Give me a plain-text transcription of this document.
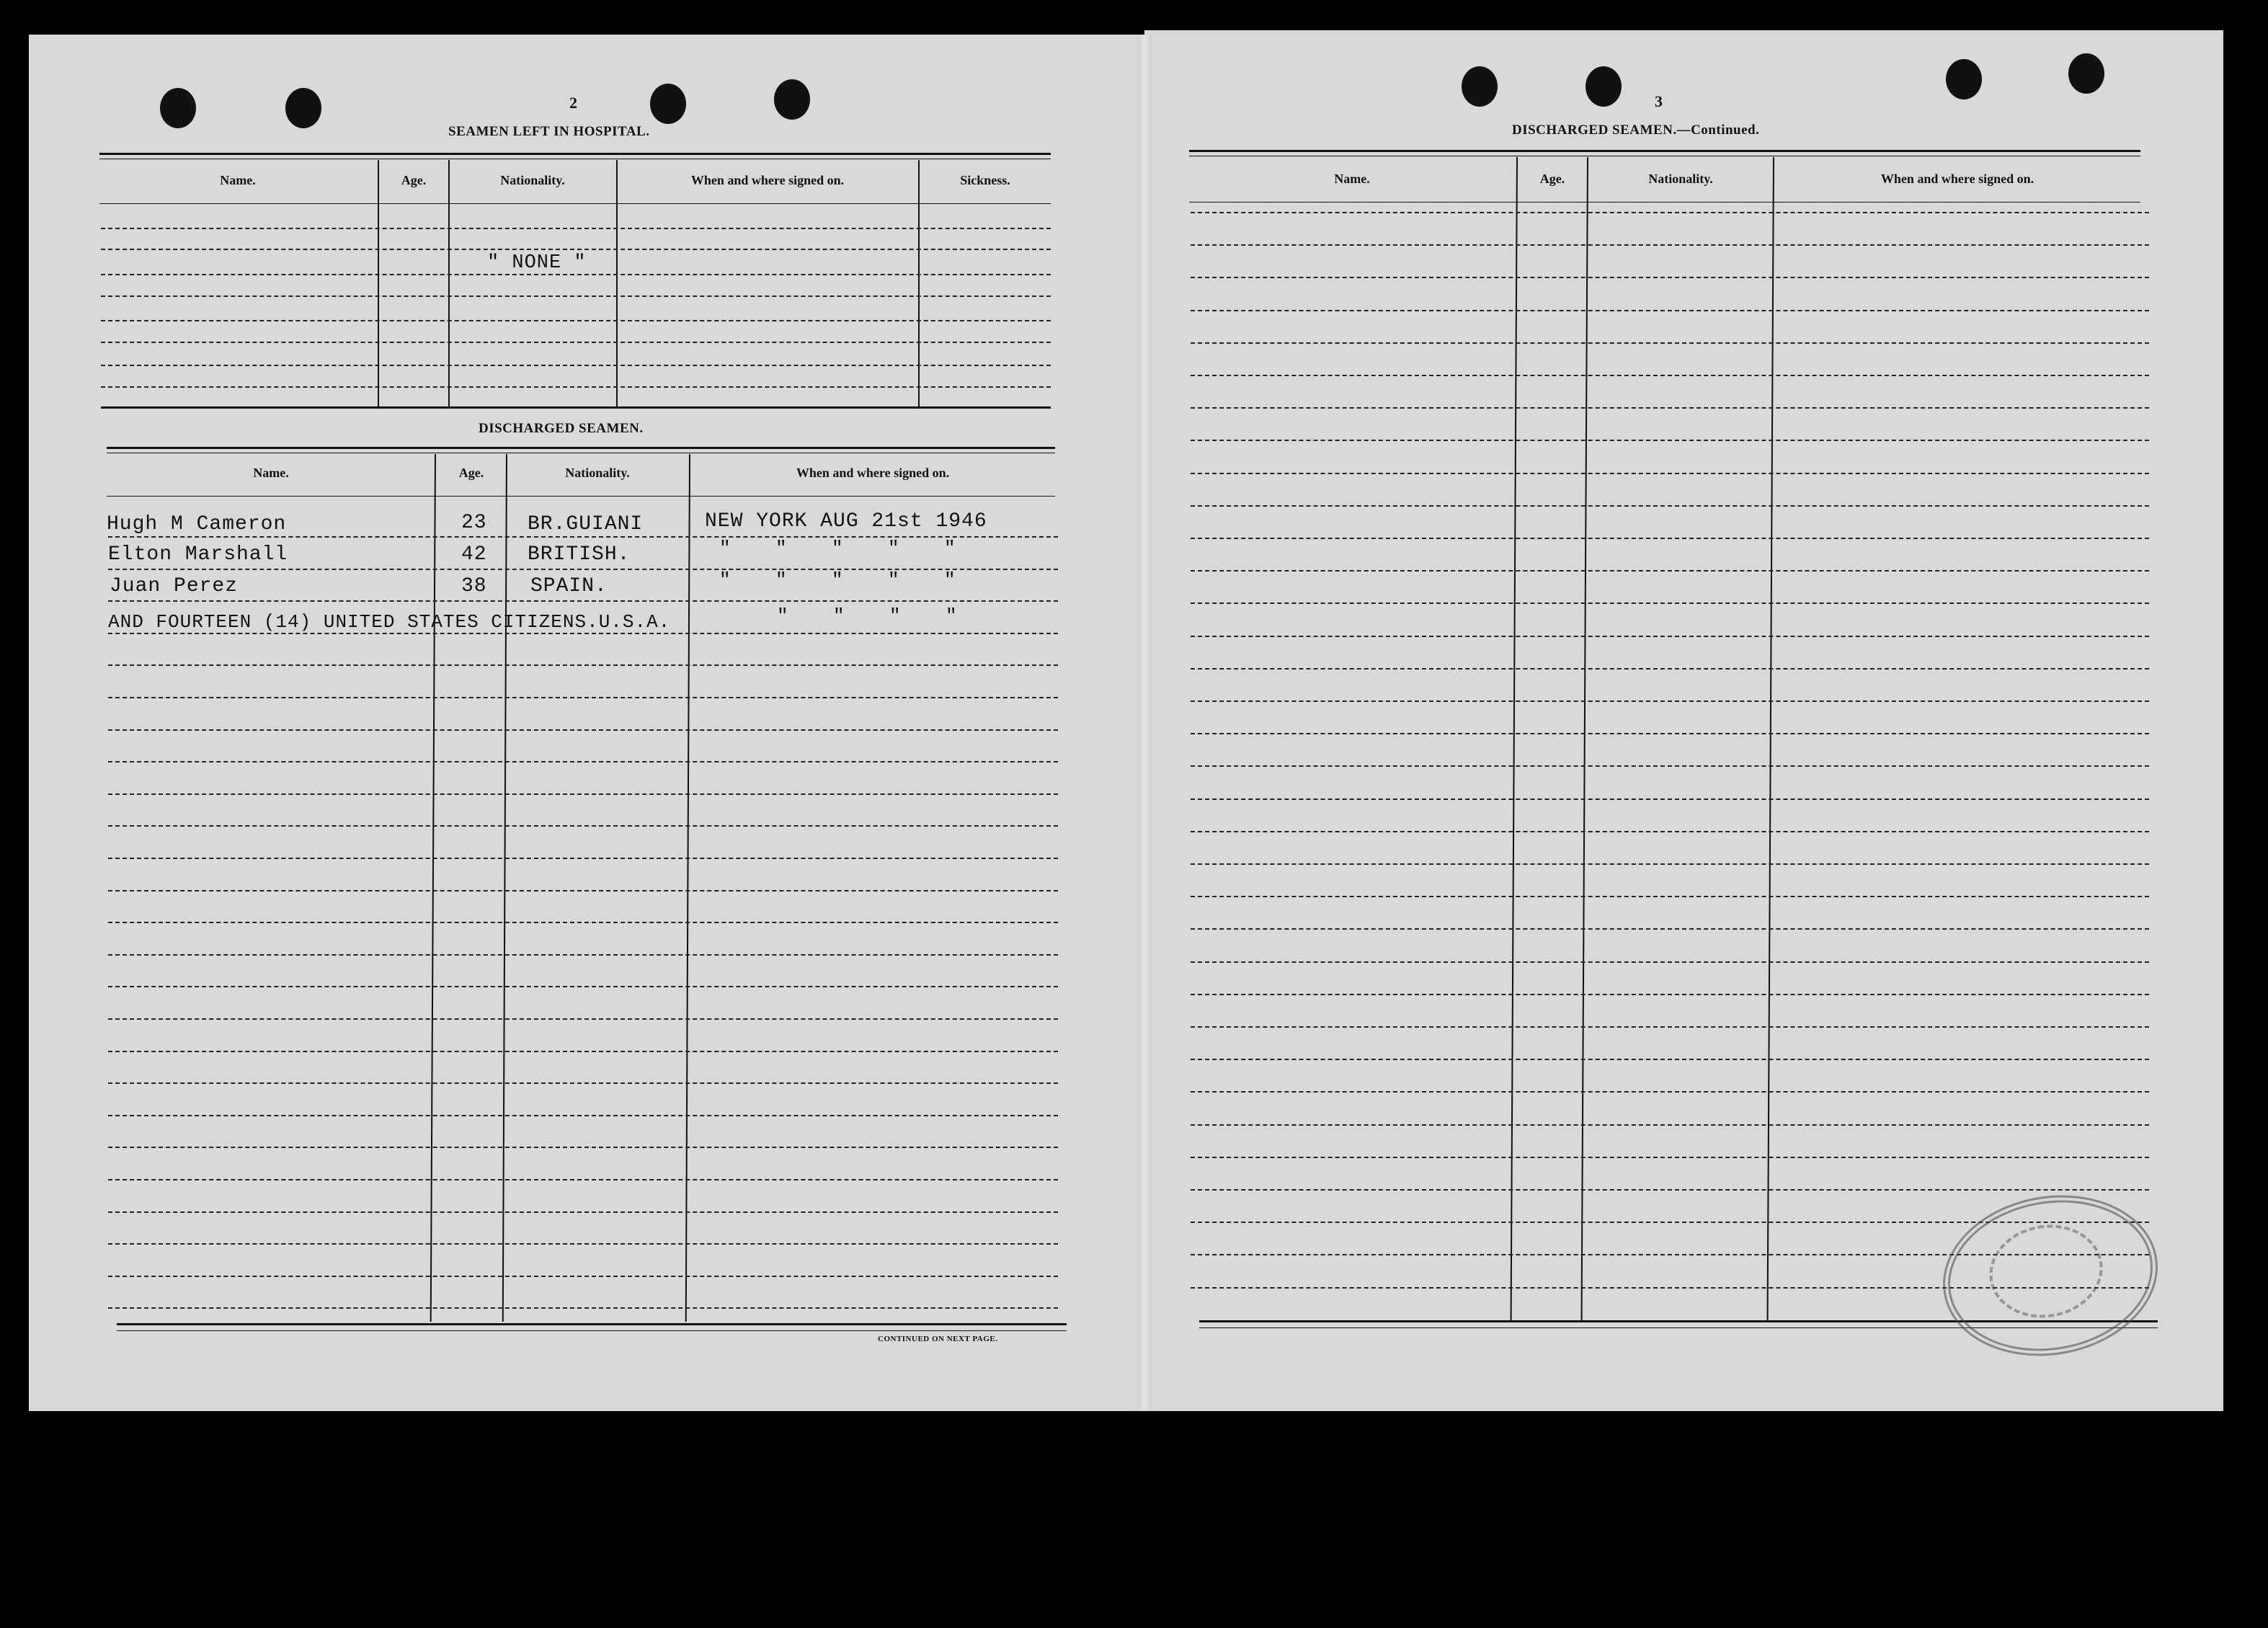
2
SEAMEN LEFT IN HOSPITAL.
Name.	Age.	Nationality.	When and where signed on.	Sickness.
" NONE "
DISCHARGED SEAMEN.
Name.	Age.	Nationality.	When and where signed on.
Hugh M Cameron	23 BR.GUIANI	NEW YORK AUG 21st 1946
Elton Marshall	42 BRITISH.	"    "    "    "    "
Juan Perez	38 SPAIN.	"    "    "    "    "
AND FOURTEEN (14) UNITED STATES CITIZENS.U.S.A.	"    "    "    "
CONTINUED ON NEXT PAGE.
3
DISCHARGED SEAMEN.—Continued.
Name.	Age.	Nationality.	When and where signed on.
